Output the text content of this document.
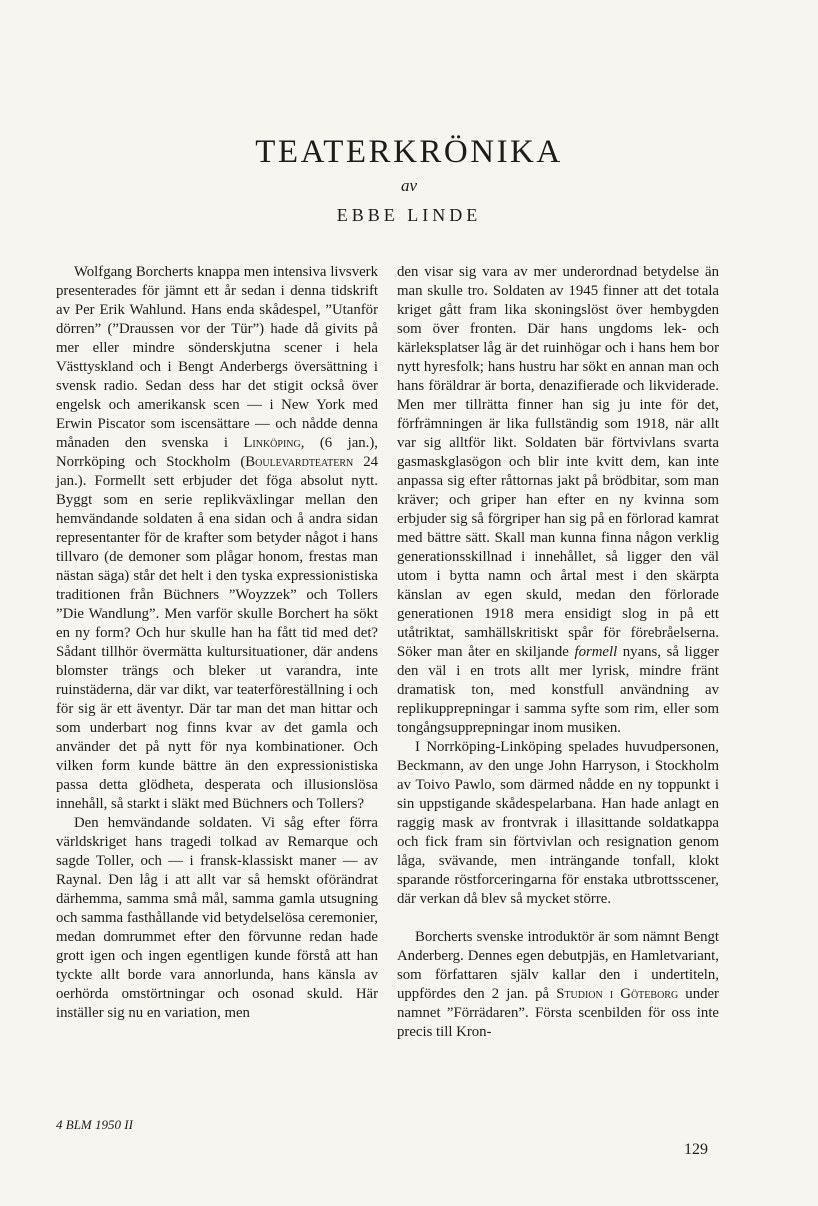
TEATERKRÖNIKA
av
EBBE LINDE

Wolfgang Borcherts knappa men intensiva livsverk presenterades för jämnt ett år sedan i denna tidskrift av Per Erik Wahlund. Hans enda skådespel, ”Utanför dörren” (”Draussen vor der Tür”) hade då givits på mer eller mindre sönderskjutna scener i hela Västtyskland och i Bengt Anderbergs översättning i svensk radio. Sedan dess har det stigit också över engelsk och amerikansk scen — i New York med Erwin Piscator som iscensättare — och nådde denna månaden den svenska i Linköping, (6 jan.), Norrköping och Stockholm (Boulevardteatern 24 jan.). Formellt sett erbjuder det föga absolut nytt. Byggt som en serie replikväxlingar mellan den hemvändande soldaten å ena sidan och å andra sidan representanter för de krafter som betyder något i hans tillvaro (de demoner som plågar honom, frestas man nästan säga) står det helt i den tyska expressionistiska traditionen från Büchners ”Woyzzek” och Tollers ”Die Wandlung”. Men varför skulle Borchert ha sökt en ny form? Och hur skulle han ha fått tid med det? Sådant tillhör övermätta kultursituationer, där andens blomster trängs och bleker ut varandra, inte ruinstäderna, där var dikt, var teaterföreställning i och för sig är ett äventyr. Där tar man det man hittar och som underbart nog finns kvar av det gamla och använder det på nytt för nya kombinationer. Och vilken form kunde bättre än den expressionistiska passa detta glödheta, desperata och illusionslösa innehåll, så starkt i släkt med Büchners och Tollers?

Den hemvändande soldaten. Vi såg efter förra världskriget hans tragedi tolkad av Remarque och sagde Toller, och — i fransk-klassiskt maner — av Raynal. Den låg i att allt var så hemskt oförändrat därhemma, samma små mål, samma gamla utsugning och samma fasthållande vid betydelselösa ceremonier, medan domrummet efter den förvunne redan hade grott igen och ingen egentligen kunde förstå att han tyckte allt borde vara annorlunda, hans känsla av oerhörda omstörtningar och osonad skuld. Här inställer sig nu en variation, men

den visar sig vara av mer underordnad betydelse än man skulle tro. Soldaten av 1945 finner att det totala kriget gått fram lika skoningslöst över hembygden som över fronten. Där hans ungdoms lek- och kärleksplatser låg är det ruinhögar och i hans hem bor nytt hyresfolk; hans hustru har sökt en annan man och hans föräldrar är borta, denazifierade och likviderade. Men mer tillrätta finner han sig ju inte för det, förfrämningen är lika fullständig som 1918, när allt var sig alltför likt. Soldaten bär förtvivlans svarta gasmaskglasögon och blir inte kvitt dem, kan inte anpassa sig efter råttornas jakt på brödbitar, som man kräver; och griper han efter en ny kvinna som erbjuder sig så förgriper han sig på en förlorad kamrat med bättre sätt. Skall man kunna finna någon verklig generationsskillnad i innehållet, så ligger den väl utom i bytta namn och årtal mest i den skärpta känslan av egen skuld, medan den förlorade generationen 1918 mera ensidigt slog in på ett utåtriktat, samhällskritiskt spår för förebråelserna. Söker man åter en skiljande formell nyans, så ligger den väl i en trots allt mer lyrisk, mindre fränt dramatisk ton, med konstfull användning av replikupprepningar i samma syfte som rim, eller som tongångsupprepningar inom musiken.

I Norrköping-Linköping spelades huvudpersonen, Beckmann, av den unge John Harryson, i Stockholm av Toivo Pawlo, som därmed nådde en ny toppunkt i sin uppstigande skådespelarbana. Han hade anlagt en raggig mask av frontvrak i illasittande soldatkappa och fick fram sin förtvivlan och resignation genom låga, svävande, men inträngande tonfall, klokt sparande röstforceringarna för enstaka utbrottsscener, där verkan då blev så mycket större.

Borcherts svenske introduktör är som nämnt Bengt Anderberg. Dennes egen debutpjäs, en Hamletvariant, som författaren själv kallar den i undertiteln, uppfördes den 2 jan. på Studion i Göteborg under namnet ”Förrädaren”. Första scenbilden för oss inte precis till Kron-

4 BLM 1950 II
129
